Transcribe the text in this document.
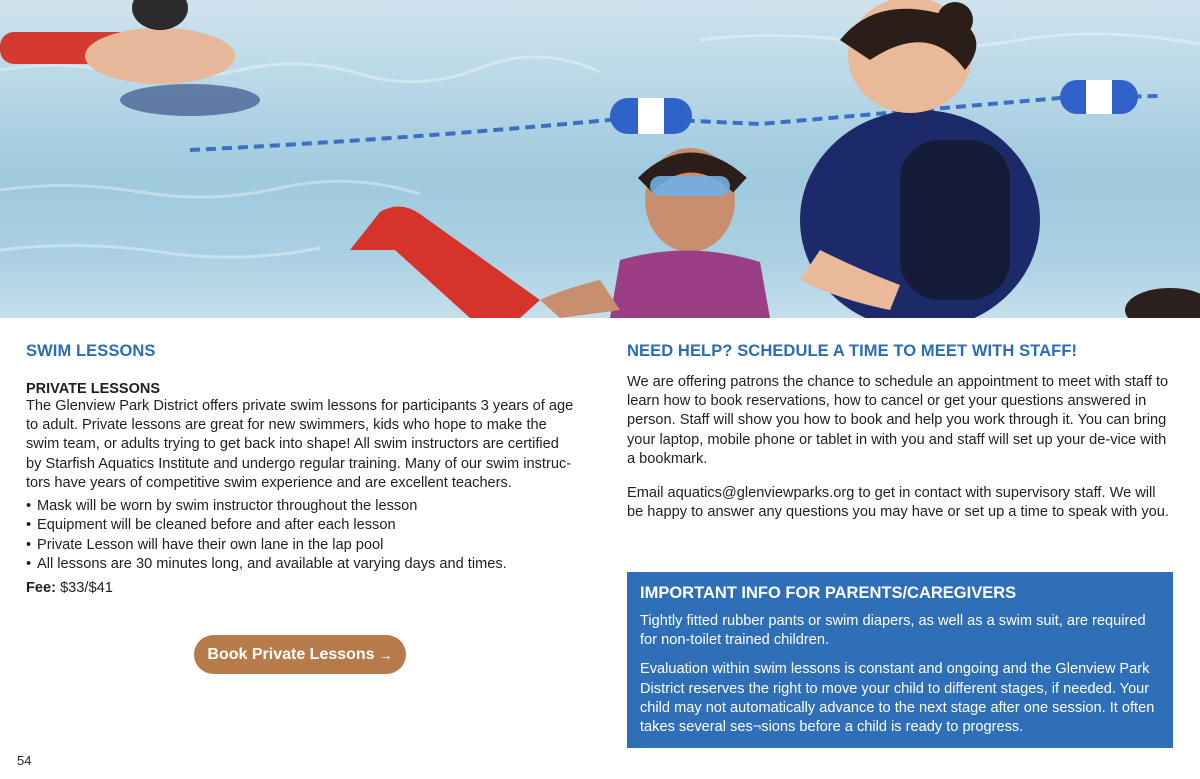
SWIM LESSONS
PRIVATE LESSONS

The Glenview Park District offers private swim lessons for participants 3 years of age to adult. Private lessons are great for new swimmers, kids who hope to make the swim team, or adults trying to get back into shape! All swim instructors are certified by Starfish Aquatics Institute and undergo regular training. Many of our swim instruc-tors have years of competitive swim experience and are excellent teachers.

• Mask will be worn by swim instructor throughout the lesson
• Equipment will be cleaned before and after each lesson
• Private Lesson will have their own lane in the lap pool
• All lessons are 30 minutes long, and available at varying days and times.
Fee: $33/$41
Book Private Lessons →
NEED HELP? SCHEDULE A TIME TO MEET WITH STAFF!

We are offering patrons the chance to schedule an appointment to meet with staff to learn how to book reservations, how to cancel or get your questions answered in person. Staff will show you how to book and help you work through it. You can bring your laptop, mobile phone or tablet in with you and staff will set up your de-vice with a bookmark.

Email aquatics@glenviewparks.org to get in contact with supervisory staff. We will be happy to answer any questions you may have or set up a time to speak with you.

IMPORTANT INFO FOR PARENTS/CAREGIVERS

Tightly fitted rubber pants or swim diapers, as well as a swim suit, are required for non-toilet trained children.

Evaluation within swim lessons is constant and ongoing and the Glenview Park District reserves the right to move your child to different stages, if needed. Your child may not automatically advance to the next stage after one session. It often takes several ses¬sions before a child is ready to progress.

54
